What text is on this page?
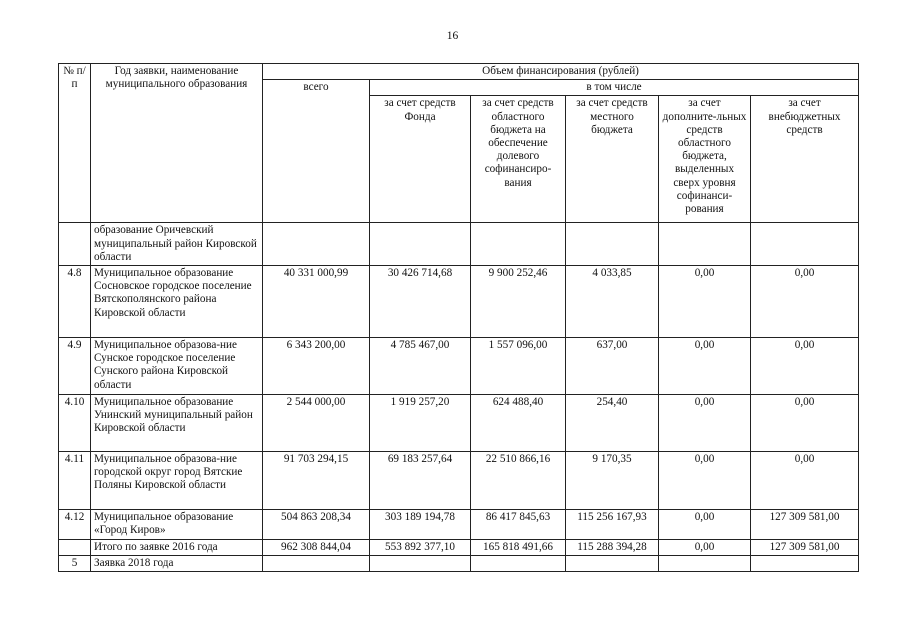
16
№ п/п	Год заявки, наименование муниципального образования	Объем финансирования (рублей)					
		всего	в том числе				
			за счет средств Фонда	за счет средств областного бюджета на обеспечение долевого софинансиро-вания	за счет средств местного бюджета	за счет дополните-льных средств областного бюджета, выделенных сверх уровня софинанси-рования	за счет внебюджетных средств
	образование Оричевский муниципальный район Кировской области						
4.8	Муниципальное образование Сосновское городское поселение Вятскополянского района Кировской области	40 331 000,99	30 426 714,68	9 900 252,46	4 033,85	0,00	0,00
4.9	Муниципальное образова-ние Сунское городское поселение Сунского района Кировской области	6 343 200,00	4 785 467,00	1 557 096,00	637,00	0,00	0,00
4.10	Муниципальное образование Унинский муниципальный район Кировской области	2 544 000,00	1 919 257,20	624 488,40	254,40	0,00	0,00
4.11	Муниципальное образова-ние городской округ город Вятские Поляны Кировской области	91 703 294,15	69 183 257,64	22 510 866,16	9 170,35	0,00	0,00
4.12	Муниципальное образование «Город Киров»	504 863 208,34	303 189 194,78	86 417 845,63	115 256 167,93	0,00	127 309 581,00
	Итого по заявке 2016 года	962 308 844,04	553 892 377,10	165 818 491,66	115 288 394,28	0,00	127 309 581,00
5	Заявка 2018 года						
